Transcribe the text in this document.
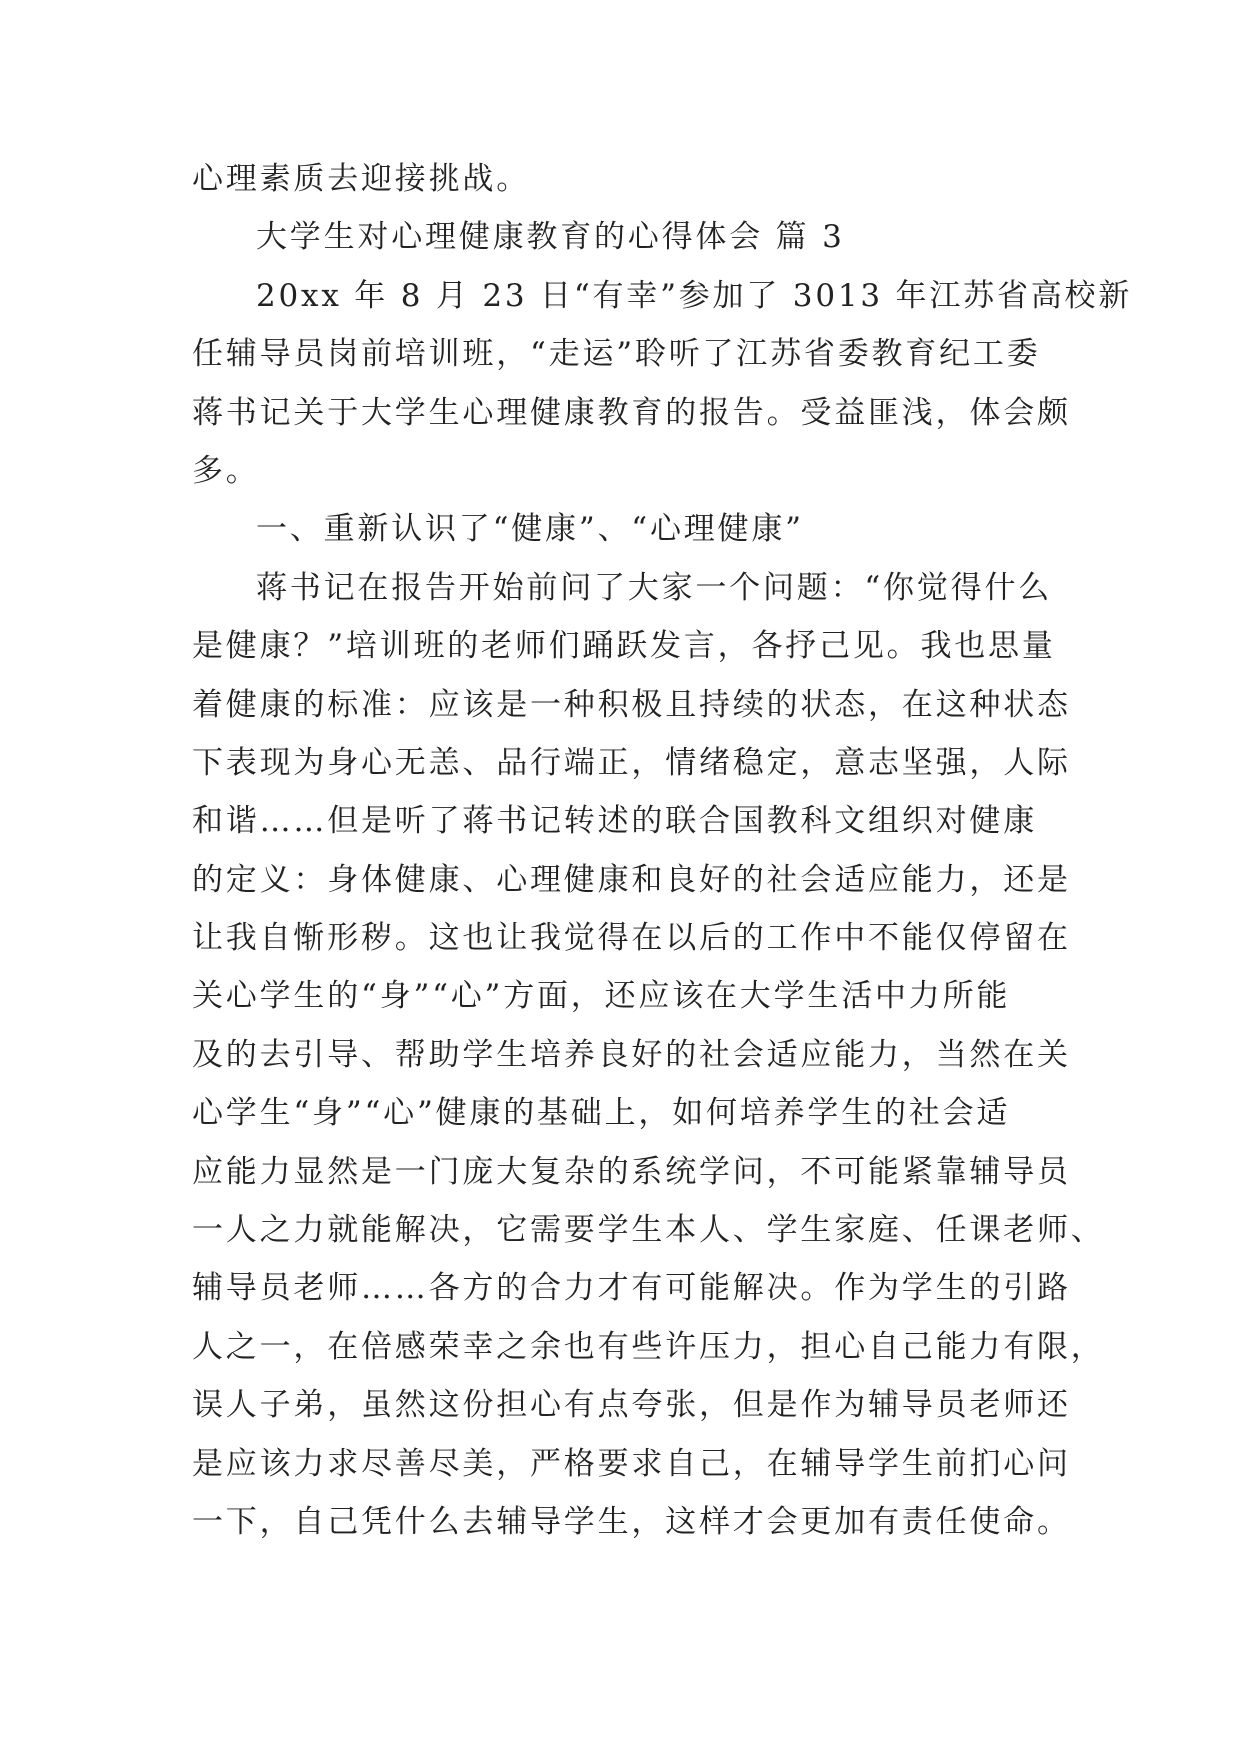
心理素质去迎接挑战。
大学生对心理健康教育的心得体会 篇 3
20xx 年 8 月 23 日“有幸”参加了 3013 年江苏省高校新
任辅导员岗前培训班，“走运”聆听了江苏省委教育纪工委
蒋书记关于大学生心理健康教育的报告。受益匪浅，体会颇
多。
一、重新认识了“健康”、“心理健康”
蒋书记在报告开始前问了大家一个问题：“你觉得什么
是健康？”培训班的老师们踊跃发言，各抒己见。我也思量
着健康的标准：应该是一种积极且持续的状态，在这种状态
下表现为身心无恙、品行端正，情绪稳定，意志坚强，人际
和谐……但是听了蒋书记转述的联合国教科文组织对健康
的定义：身体健康、心理健康和良好的社会适应能力，还是
让我自惭形秽。这也让我觉得在以后的工作中不能仅停留在
关心学生的“身”“心”方面，还应该在大学生活中力所能
及的去引导、帮助学生培养良好的社会适应能力，当然在关
心学生“身”“心”健康的基础上，如何培养学生的社会适
应能力显然是一门庞大复杂的系统学问，不可能紧靠辅导员
一人之力就能解决，它需要学生本人、学生家庭、任课老师、
辅导员老师……各方的合力才有可能解决。作为学生的引路
人之一，在倍感荣幸之余也有些许压力，担心自己能力有限，
误人子弟，虽然这份担心有点夸张，但是作为辅导员老师还
是应该力求尽善尽美，严格要求自己，在辅导学生前扪心问
一下，自己凭什么去辅导学生，这样才会更加有责任使命。
